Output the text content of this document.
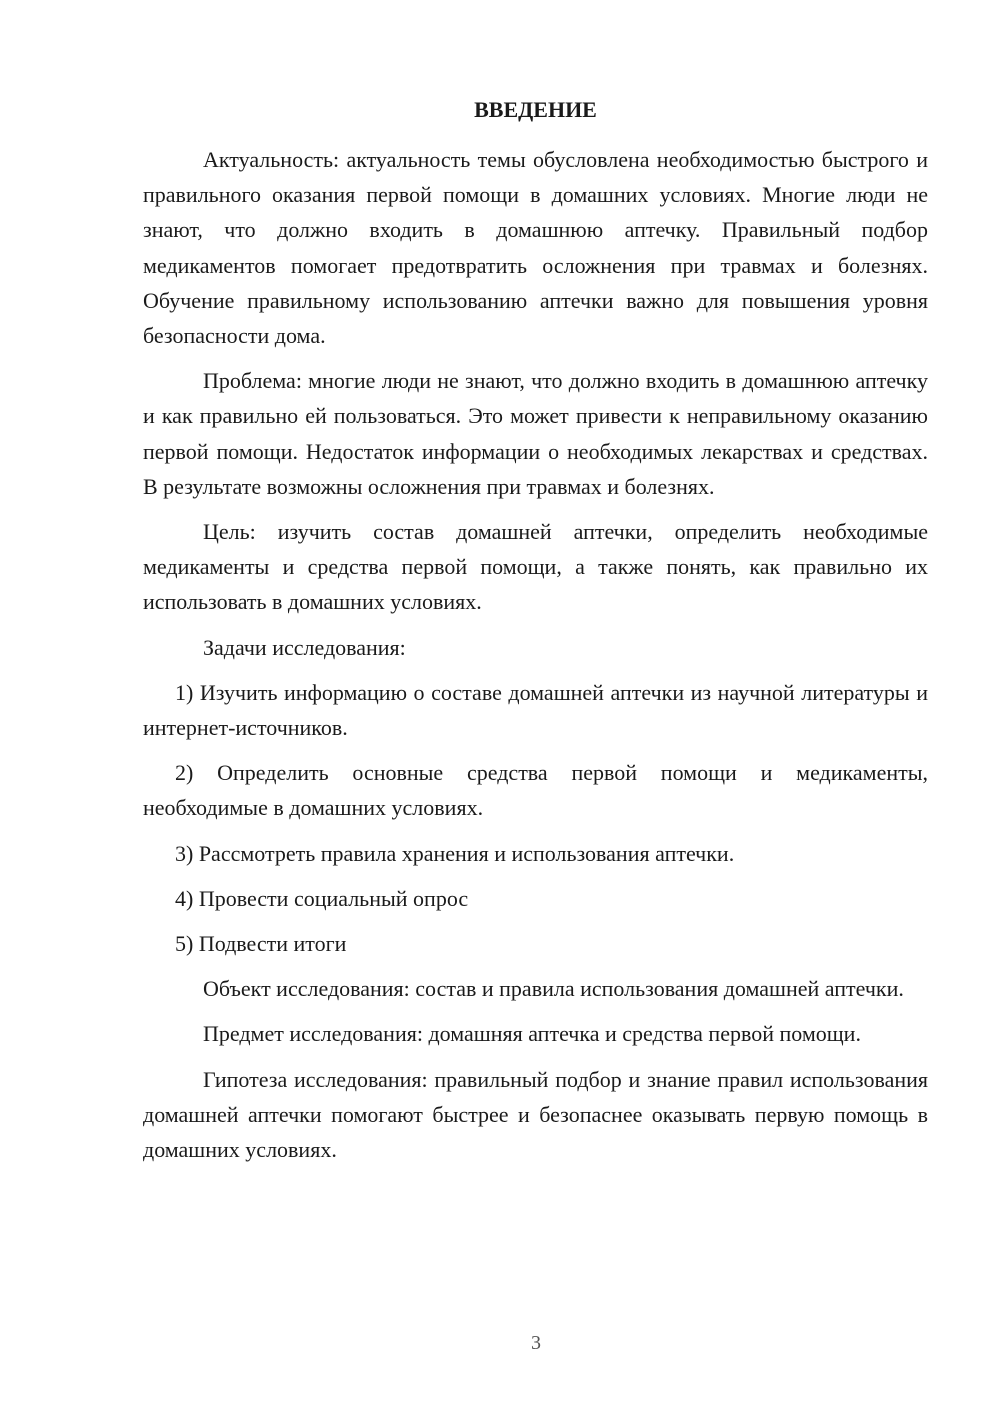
ВВЕДЕНИЕ

Актуальность: актуальность темы обусловлена необходимостью быстрого и правильного оказания первой помощи в домашних условиях. Многие люди не знают, что должно входить в домашнюю аптечку. Правильный подбор медикаментов помогает предотвратить осложнения при травмах и болезнях. Обучение правильному использованию аптечки важно для повышения уровня безопасности дома.

Проблема: многие люди не знают, что должно входить в домашнюю аптечку и как правильно ей пользоваться. Это может привести к неправильному оказанию первой помощи. Недостаток информации о необходимых лекарствах и средствах. В результате возможны осложнения при травмах и болезнях.

Цель: изучить состав домашней аптечки, определить необходимые медикаменты и средства первой помощи, а также понять, как правильно их использовать в домашних условиях.

Задачи исследования:

1) Изучить информацию о составе домашней аптечки из научной литературы и интернет-источников.

2) Определить основные средства первой помощи и медикаменты, необходимые в домашних условиях.

3) Рассмотреть правила хранения и использования аптечки.

4) Провести социальный опрос

5) Подвести итоги

Объект исследования: состав и правила использования домашней аптечки.

Предмет исследования: домашняя аптечка и средства первой помощи.

Гипотеза исследования: правильный подбор и знание правил использования домашней аптечки помогают быстрее и безопаснее оказывать первую помощь в домашних условиях.

3
